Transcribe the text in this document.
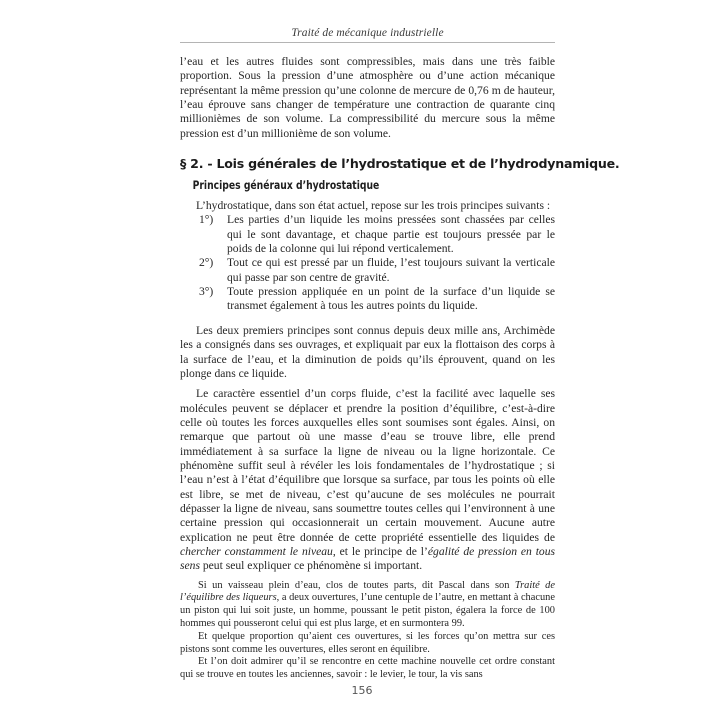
Traité de mécanique industrielle

l’eau et les autres fluides sont compressibles, mais dans une très faible proportion. Sous la pression d’une atmosphère ou d’une action mécanique représentant la même pression qu’une colonne de mercure de 0,76 m de hauteur, l’eau éprouve sans changer de température une contraction de quarante cinq millionièmes de son volume. La compressibilité du mercure sous la même pression est d’un millionième de son volume.

§ 2. - Lois générales de l’hydrostatique et de l’hydrodynamique.
Principes généraux d’hydrostatique

L’hydrostatique, dans son état actuel, repose sur les trois principes suivants :

1°)	Les parties d’un liquide les moins pressées sont chassées par celles qui le sont davantage, et chaque partie est toujours pressée par le poids de la colonne qui lui répond verticalement.
2°)	Tout ce qui est pressé par un fluide, l’est toujours suivant la verticale qui passe par son centre de gravité.
3°)	Toute pression appliquée en un point de la surface d’un liquide se transmet également à tous les autres points du liquide.

Les deux premiers principes sont connus depuis deux mille ans, Archimède les a consignés dans ses ouvrages, et expliquait par eux la flottaison des corps à la surface de l’eau, et la diminution de poids qu’ils éprouvent, quand on les plonge dans ce liquide.

Le caractère essentiel d’un corps fluide, c’est la facilité avec laquelle ses molécules peuvent se déplacer et prendre la position d’équilibre, c’est-à-dire celle où toutes les forces auxquelles elles sont soumises sont égales. Ainsi, on remarque que partout où une masse d’eau se trouve libre, elle prend immédiatement à sa surface la ligne de niveau ou la ligne horizontale. Ce phénomène suffit seul à révéler les lois fondamentales de l’hydrostatique ; si l’eau n’est à l’état d’équilibre que lorsque sa surface, par tous les points où elle est libre, se met de niveau, c’est qu’aucune de ses molécules ne pourrait dépasser la ligne de niveau, sans soumettre toutes celles qui l’environnent à une certaine pression qui occasionnerait un certain mouvement. Aucune autre explication ne peut être donnée de cette propriété essentielle des liquides de chercher constamment le niveau, et le principe de l’égalité de pression en tous sens peut seul expliquer ce phénomène si important.

Si un vaisseau plein d’eau, clos de toutes parts, dit Pascal dans son Traité de l’équilibre des liqueurs, a deux ouvertures, l’une centuple de l’autre, en mettant à chacune un piston qui lui soit juste, un homme, poussant le petit piston, égalera la force de 100 hommes qui pousseront celui qui est plus large, et en surmontera 99.

Et quelque proportion qu’aient ces ouvertures, si les forces qu’on mettra sur ces pistons sont comme les ouvertures, elles seront en équilibre.

Et l’on doit admirer qu’il se rencontre en cette machine nouvelle cet ordre constant qui se trouve en toutes les anciennes, savoir : le levier, le tour, la vis sans

156
